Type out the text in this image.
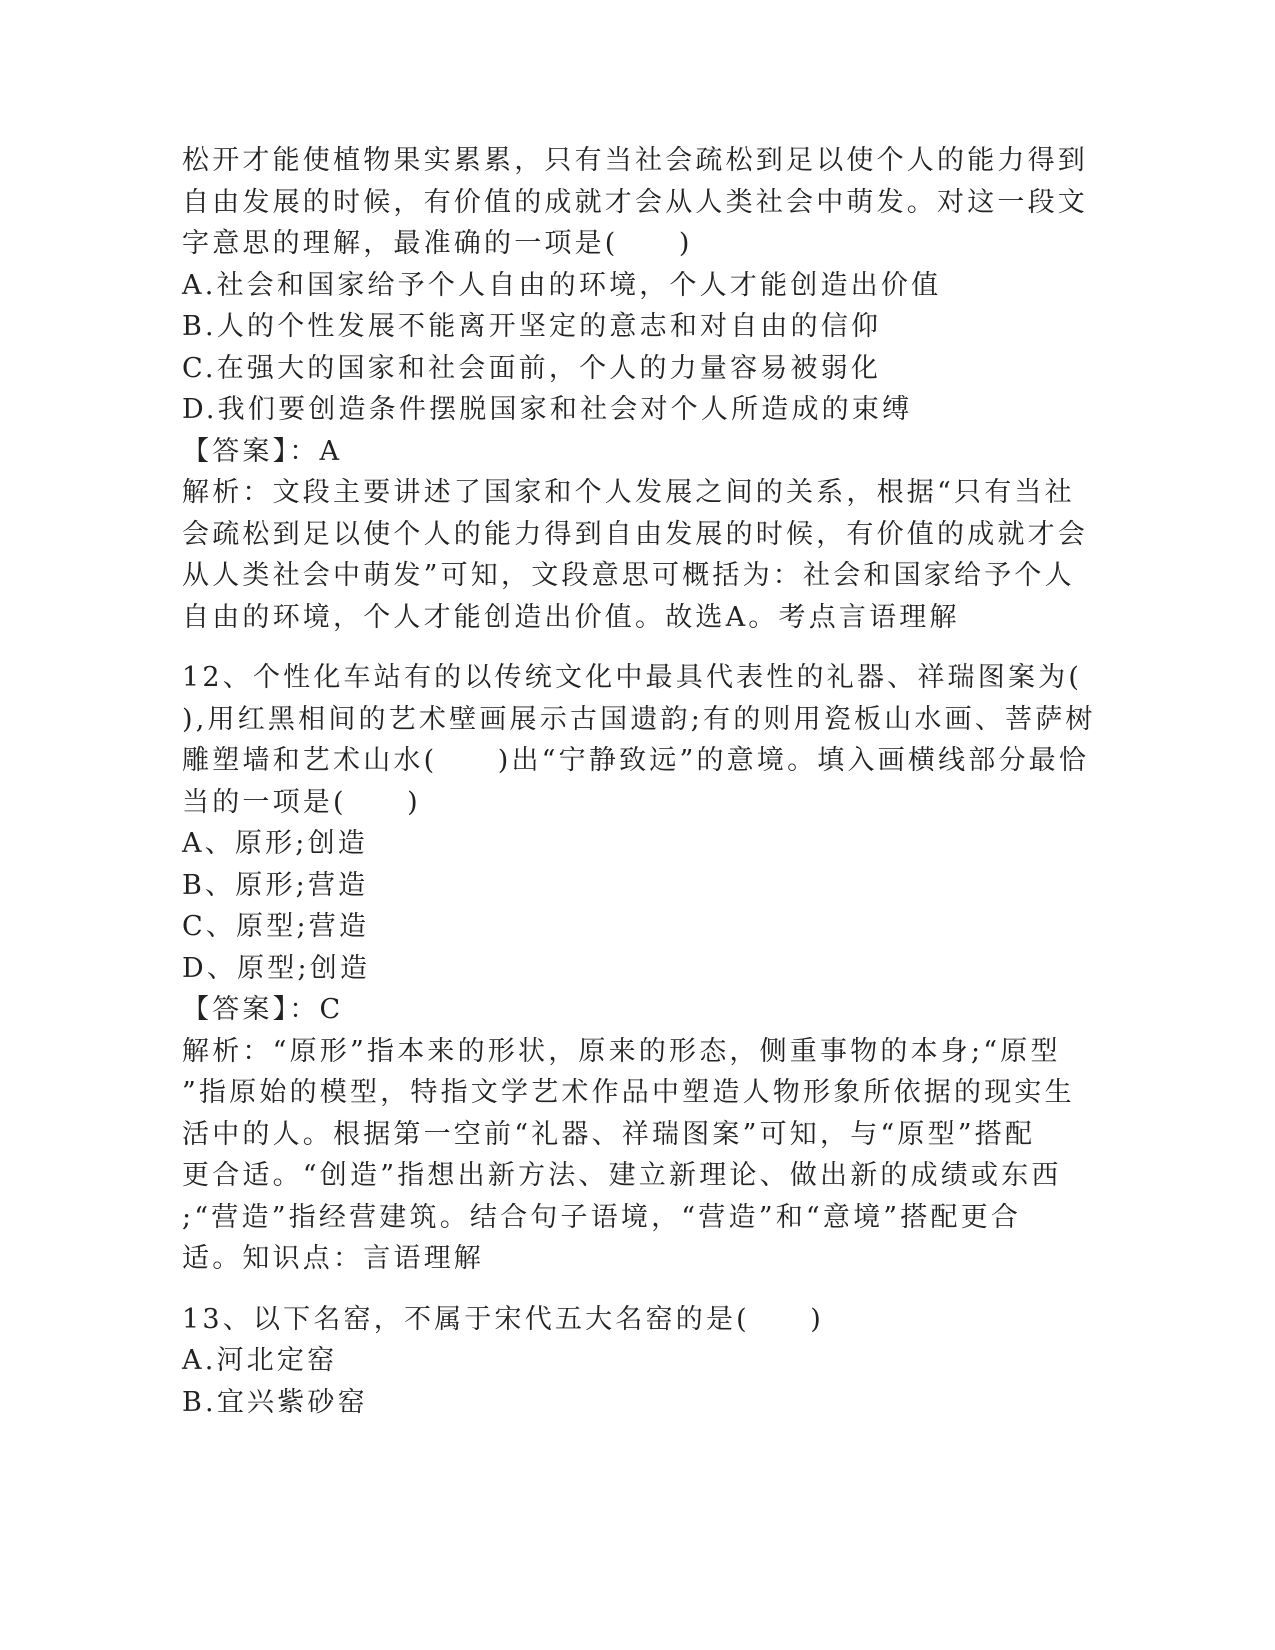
松开才能使植物果实累累，只有当社会疏松到足以使个人的能力得到
自由发展的时候，有价值的成就才会从人类社会中萌发。对这一段文
字意思的理解，最准确的一项是(　　)
A.社会和国家给予个人自由的环境，个人才能创造出价值
B.人的个性发展不能离开坚定的意志和对自由的信仰
C.在强大的国家和社会面前，个人的力量容易被弱化
D.我们要创造条件摆脱国家和社会对个人所造成的束缚
【答案】：A
解析：文段主要讲述了国家和个人发展之间的关系，根据“只有当社
会疏松到足以使个人的能力得到自由发展的时候，有价值的成就才会
从人类社会中萌发”可知，文段意思可概括为：社会和国家给予个人
自由的环境，个人才能创造出价值。故选A。考点言语理解
12、个性化车站有的以传统文化中最具代表性的礼器、祥瑞图案为(
),用红黑相间的艺术壁画展示古国遗韵;有的则用瓷板山水画、菩萨树
雕塑墙和艺术山水(　　)出“宁静致远”的意境。填入画横线部分最恰
当的一项是(　　)
A、原形;创造
B、原形;营造
C、原型;营造
D、原型;创造
【答案】：C
解析：“原形”指本来的形状，原来的形态，侧重事物的本身;“原型
”指原始的模型，特指文学艺术作品中塑造人物形象所依据的现实生
活中的人。根据第一空前“礼器、祥瑞图案”可知，与“原型”搭配
更合适。“创造”指想出新方法、建立新理论、做出新的成绩或东西
;“营造”指经营建筑。结合句子语境，“营造”和“意境”搭配更合
适。知识点：言语理解
13、以下名窑，不属于宋代五大名窑的是(　　)
A.河北定窑
B.宜兴紫砂窑
